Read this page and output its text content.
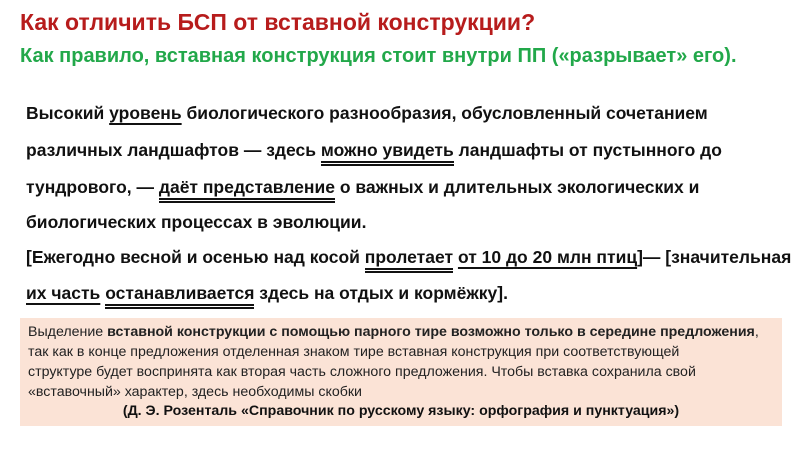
Как отличить БСП от вставной конструкции?
Как правило, вставная конструкция стоит внутри ПП («разрывает» его).
Высокий уровень биологического разнообразия, обусловленный сочетанием
различных ландшафтов — здесь можно увидеть ландшафты от пустынного до
тундрового, — даёт представление о важных и длительных экологических и
биологических процессах в эволюции.
[Ежегодно весной и осенью над косой пролетает от 10 до 20 млн птиц]— [значительная
их часть останавливается здесь на отдых и кормёжку].
Выделение вставной конструкции с помощью парного тире возможно только в середине предложения,
так как в конце предложения отделенная знаком тире вставная конструкция при соответствующей
структуре будет воспринята как вторая часть сложного предложения. Чтобы вставка сохранила свой
«вставочный» характер, здесь необходимы скобки
(Д. Э. Розенталь «Справочник по русскому языку: орфография и пунктуация»)
